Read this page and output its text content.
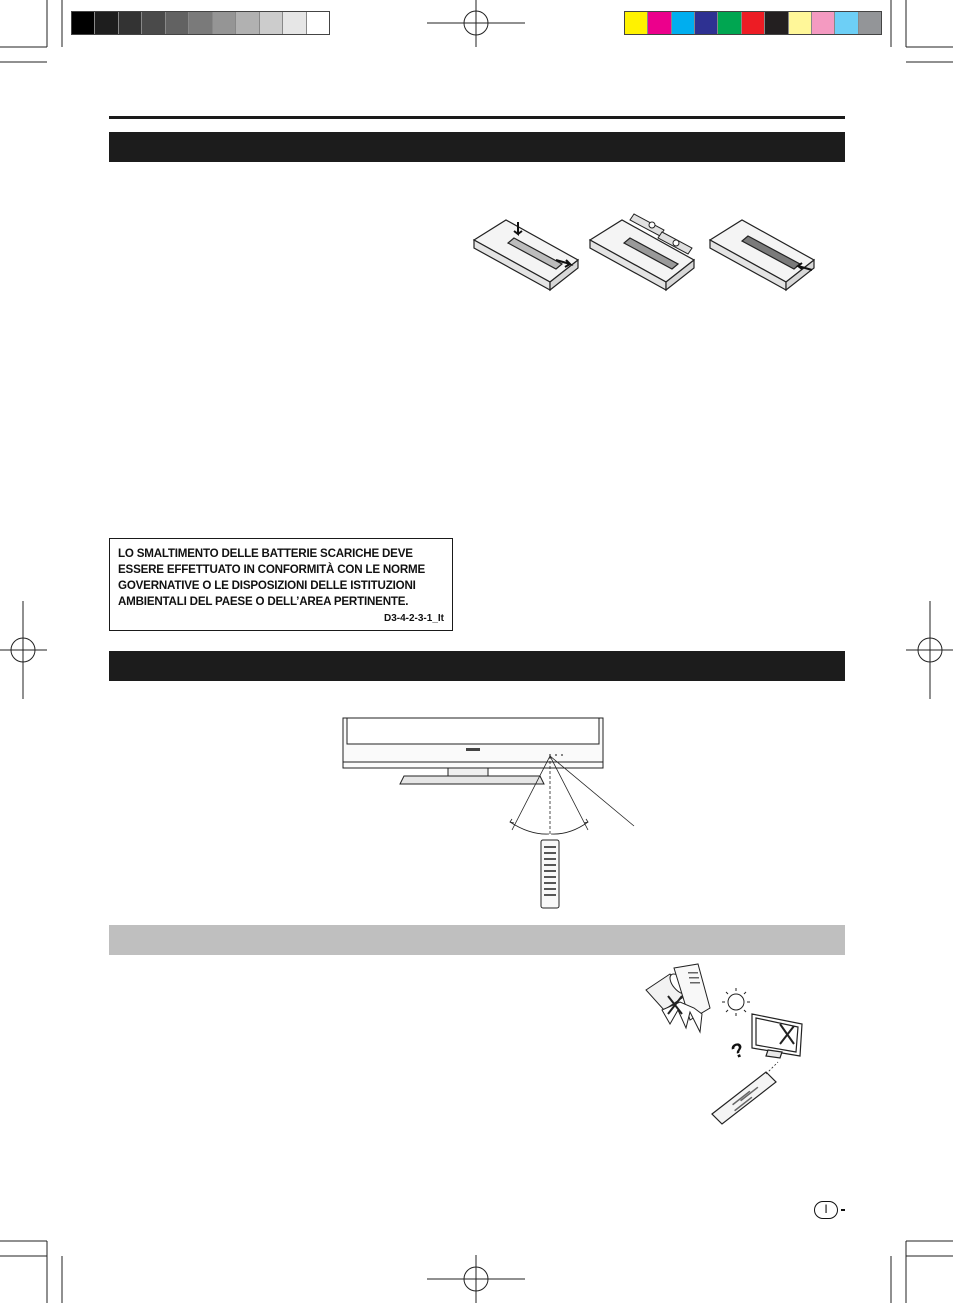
LO SMALTIMENTO DELLE BATTERIE SCARICHE DEVE ESSERE EFFETTUATO IN CONFORMITÀ CON LE NORME GOVERNATIVE O LE DISPOSIZIONI DELLE ISTITUZIONI AMBIENTALI DEL PAESE O DELL’AREA PERTINENTE.
D3-4-2-3-1_It
?
I
